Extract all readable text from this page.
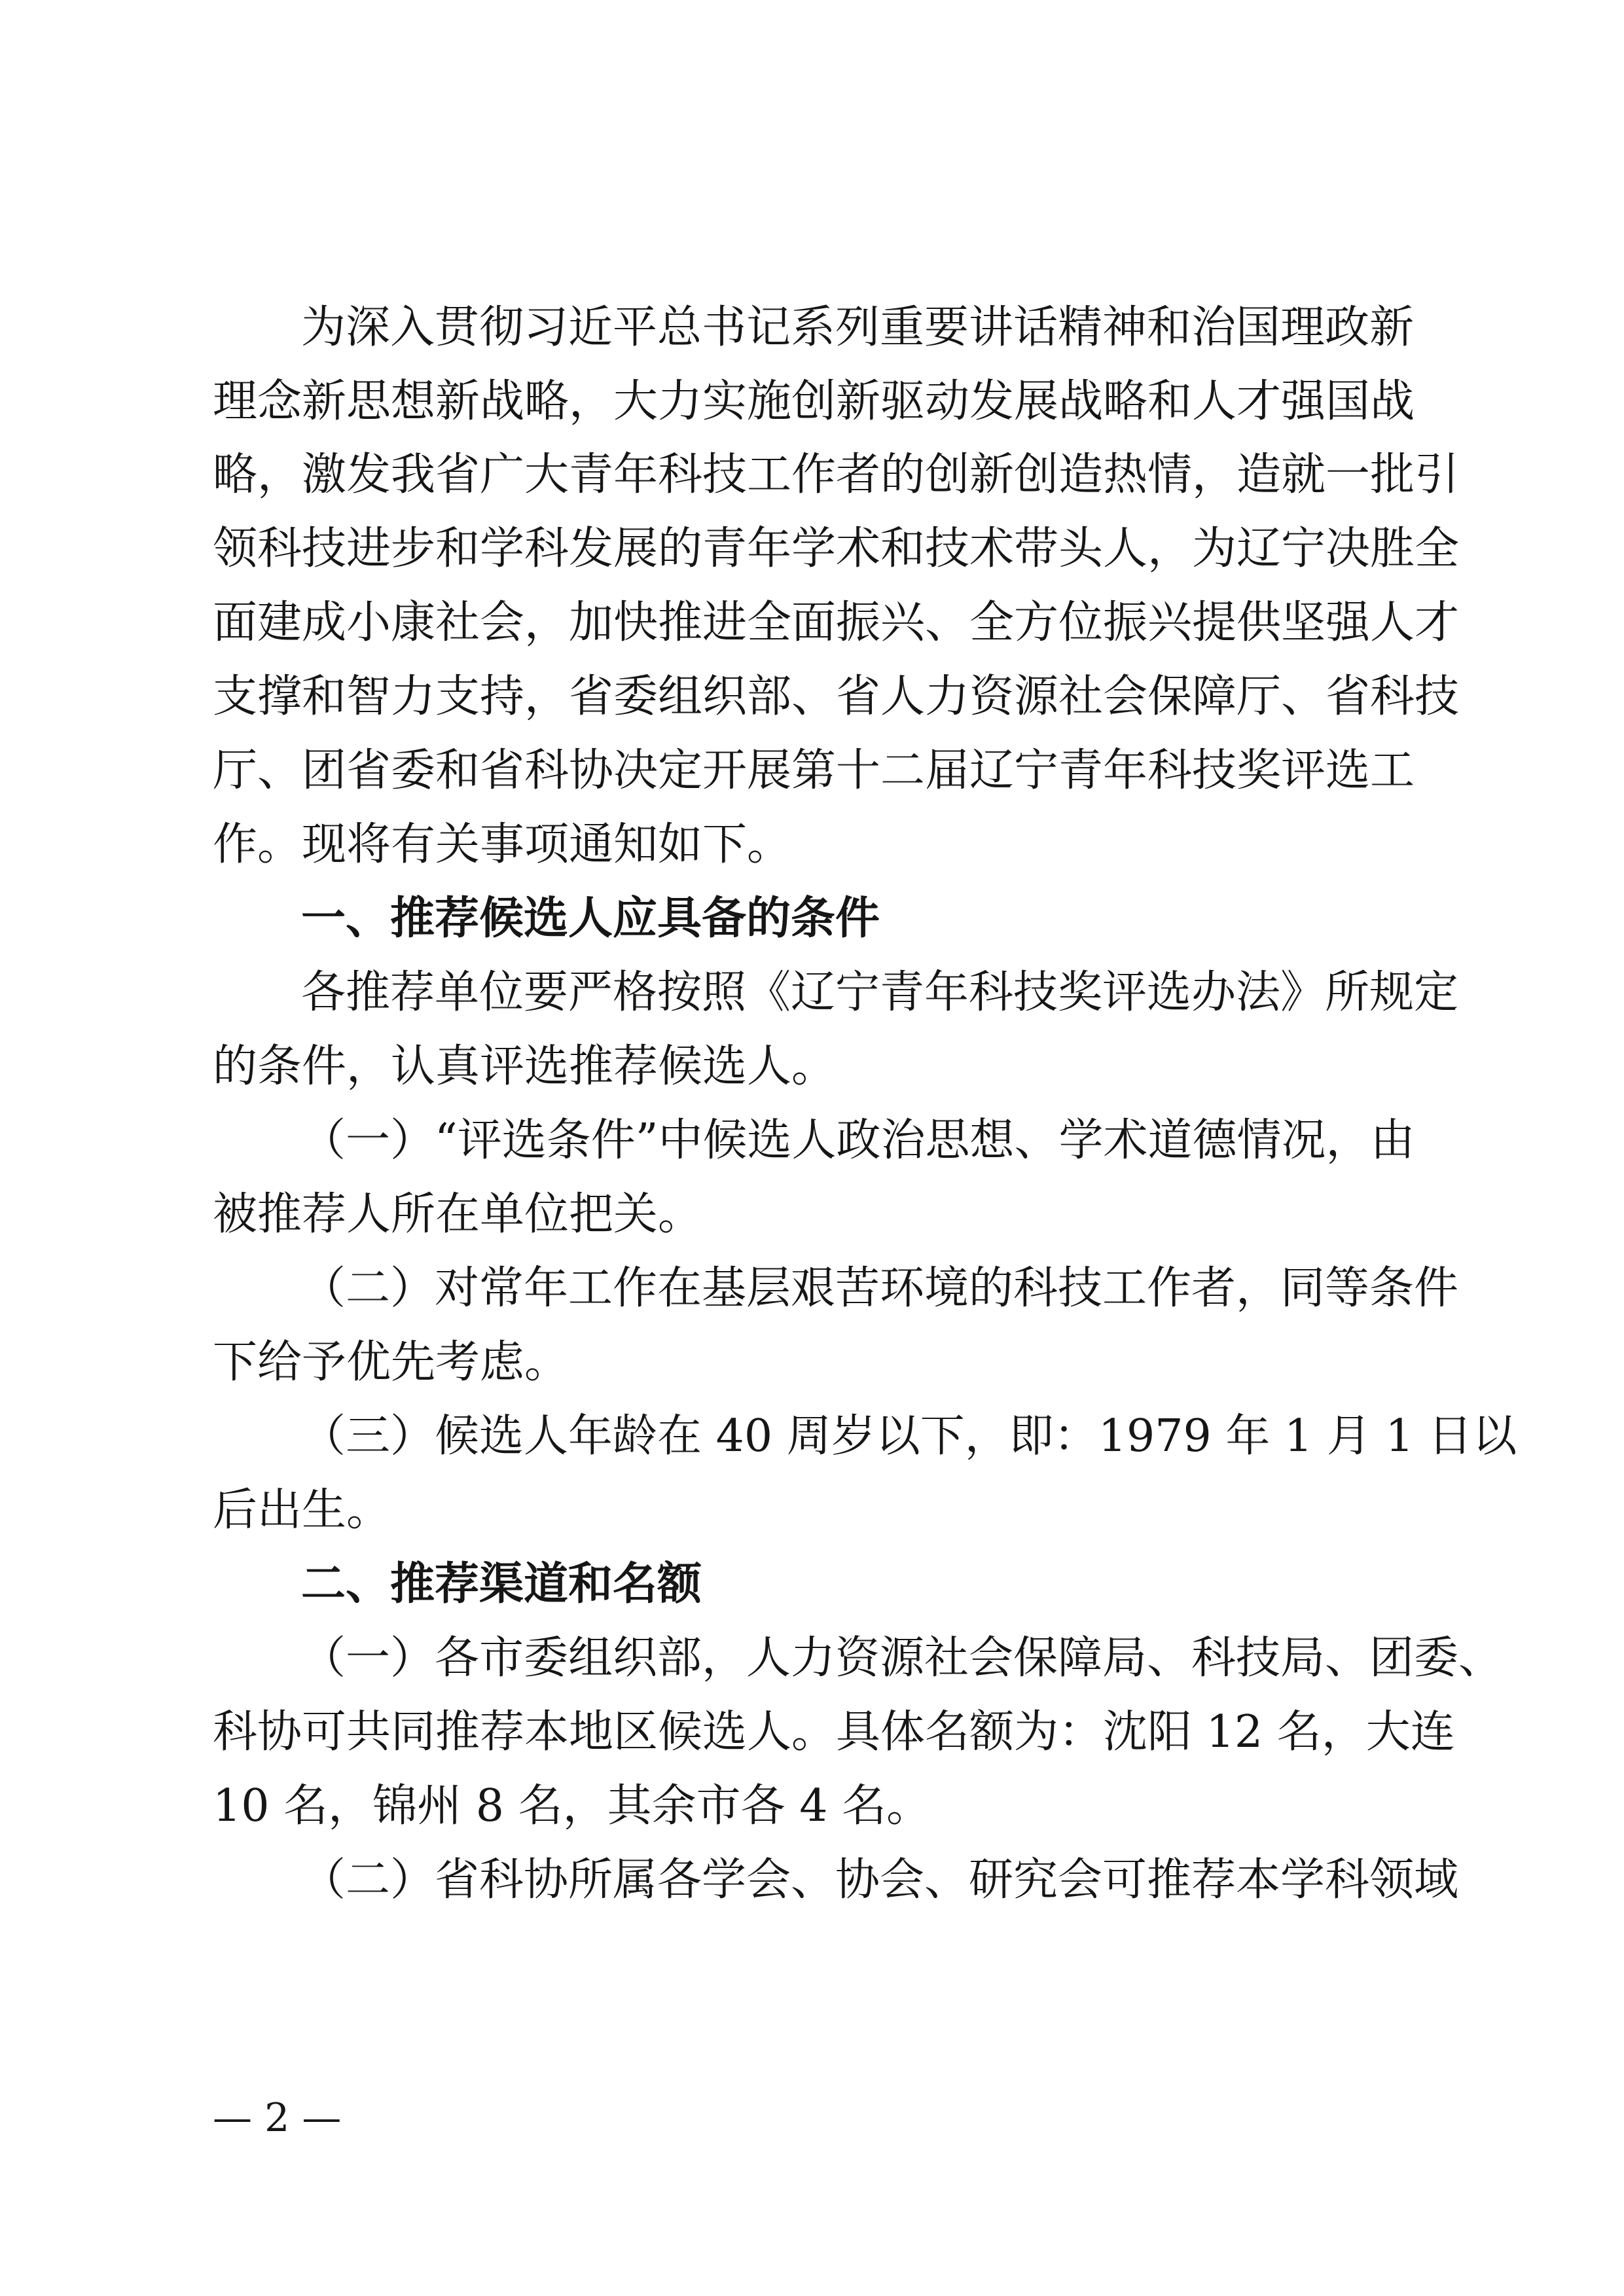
为深入贯彻习近平总书记系列重要讲话精神和治国理政新
理念新思想新战略，大力实施创新驱动发展战略和人才强国战
略，激发我省广大青年科技工作者的创新创造热情，造就一批引
领科技进步和学科发展的青年学术和技术带头人，为辽宁决胜全
面建成小康社会，加快推进全面振兴、全方位振兴提供坚强人才
支撑和智力支持，省委组织部、省人力资源社会保障厅、省科技
厅、团省委和省科协决定开展第十二届辽宁青年科技奖评选工
作。现将有关事项通知如下。
一、推荐候选人应具备的条件
各推荐单位要严格按照《辽宁青年科技奖评选办法》所规定
的条件，认真评选推荐候选人。
（一）“评选条件”中候选人政治思想、学术道德情况，由
被推荐人所在单位把关。
（二）对常年工作在基层艰苦环境的科技工作者，同等条件
下给予优先考虑。
（三）候选人年龄在 40 周岁以下，即：1979 年 1 月 1 日以
后出生。
二、推荐渠道和名额
（一）各市委组织部，人力资源社会保障局、科技局、团委、
科协可共同推荐本地区候选人。具体名额为：沈阳 12 名，大连
10 名，锦州 8 名，其余市各 4 名。
（二）省科协所属各学会、协会、研究会可推荐本学科领域
— 2 —
